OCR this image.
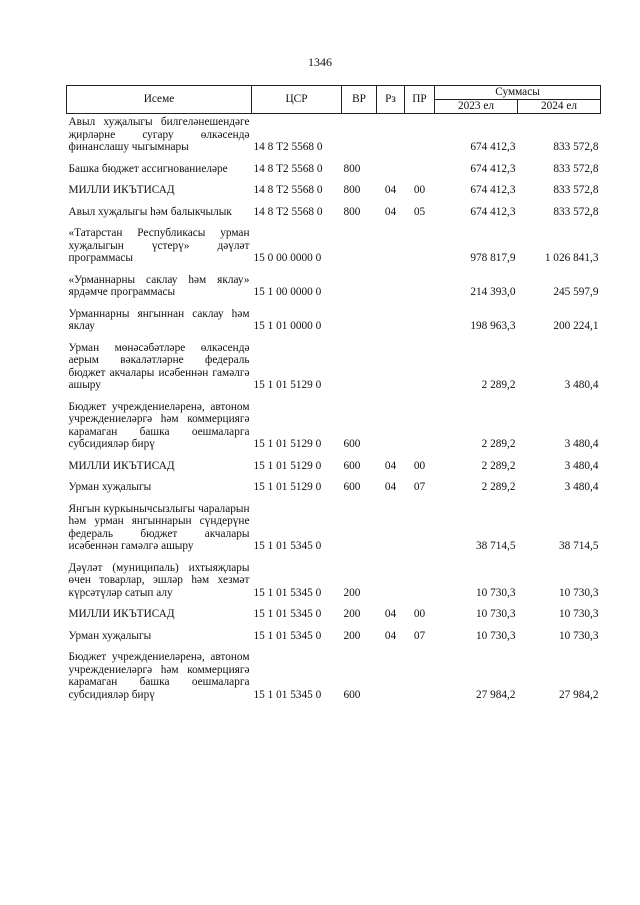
1346
Исеме	ЦСР	ВР	Рз	ПР	Суммасы	
					2023 ел	2024 ел
Авыл хуҗалыгы билгеләнешендәге җирләрне сугару өлкәсендә финанслашу чыгымнары	14 8 Т2 5568 0				674 412,3	833 572,8
Башка бюджет ассигнованиеләре	14 8 Т2 5568 0	800			674 412,3	833 572,8
МИЛЛИ ИКЪТИСАД	14 8 Т2 5568 0	800	04	00	674 412,3	833 572,8
Авыл хуҗалыгы һәм балыкчылык	14 8 Т2 5568 0	800	04	05	674 412,3	833 572,8
«Татарстан Республикасы урман хуҗалыгын үстерү» дәүләт программасы	15 0 00 0000 0				978 817,9	1 026 841,3
«Урманнарны саклау һәм яклау» ярдәмче программасы	15 1 00 0000 0				214 393,0	245 597,9
Урманнарны янгыннан саклау һәм яклау	15 1 01 0000 0				198 963,3	200 224,1
Урман мөнәсәбәтләре өлкәсендә аерым вәкаләтләрне федераль бюджет акчалары исәбеннән гамәлгә ашыру	15 1 01 5129 0				2 289,2	3 480,4
Бюджет учреждениеләренә, автоном учреждениеләргә һәм коммерциягә карамаган башка оешмаларга субсидияләр бирү	15 1 01 5129 0	600			2 289,2	3 480,4
МИЛЛИ ИКЪТИСАД	15 1 01 5129 0	600	04	00	2 289,2	3 480,4
Урман хуҗалыгы	15 1 01 5129 0	600	04	07	2 289,2	3 480,4
Янгын куркынычсызлыгы чараларын һәм урман янгыннарын сүндерүне федераль бюджет акчалары исәбеннән гамәлгә ашыру	15 1 01 5345 0				38 714,5	38 714,5
Дәүләт (муниципаль) ихтыяҗлары өчен товарлар, эшләр һәм хезмәт күрсәтүләр сатып алу	15 1 01 5345 0	200			10 730,3	10 730,3
МИЛЛИ ИКЪТИСАД	15 1 01 5345 0	200	04	00	10 730,3	10 730,3
Урман хуҗалыгы	15 1 01 5345 0	200	04	07	10 730,3	10 730,3
Бюджет учреждениеләренә, автоном учреждениеләргә һәм коммерциягә карамаган башка оешмаларга субсидияләр бирү	15 1 01 5345 0	600			27 984,2	27 984,2
